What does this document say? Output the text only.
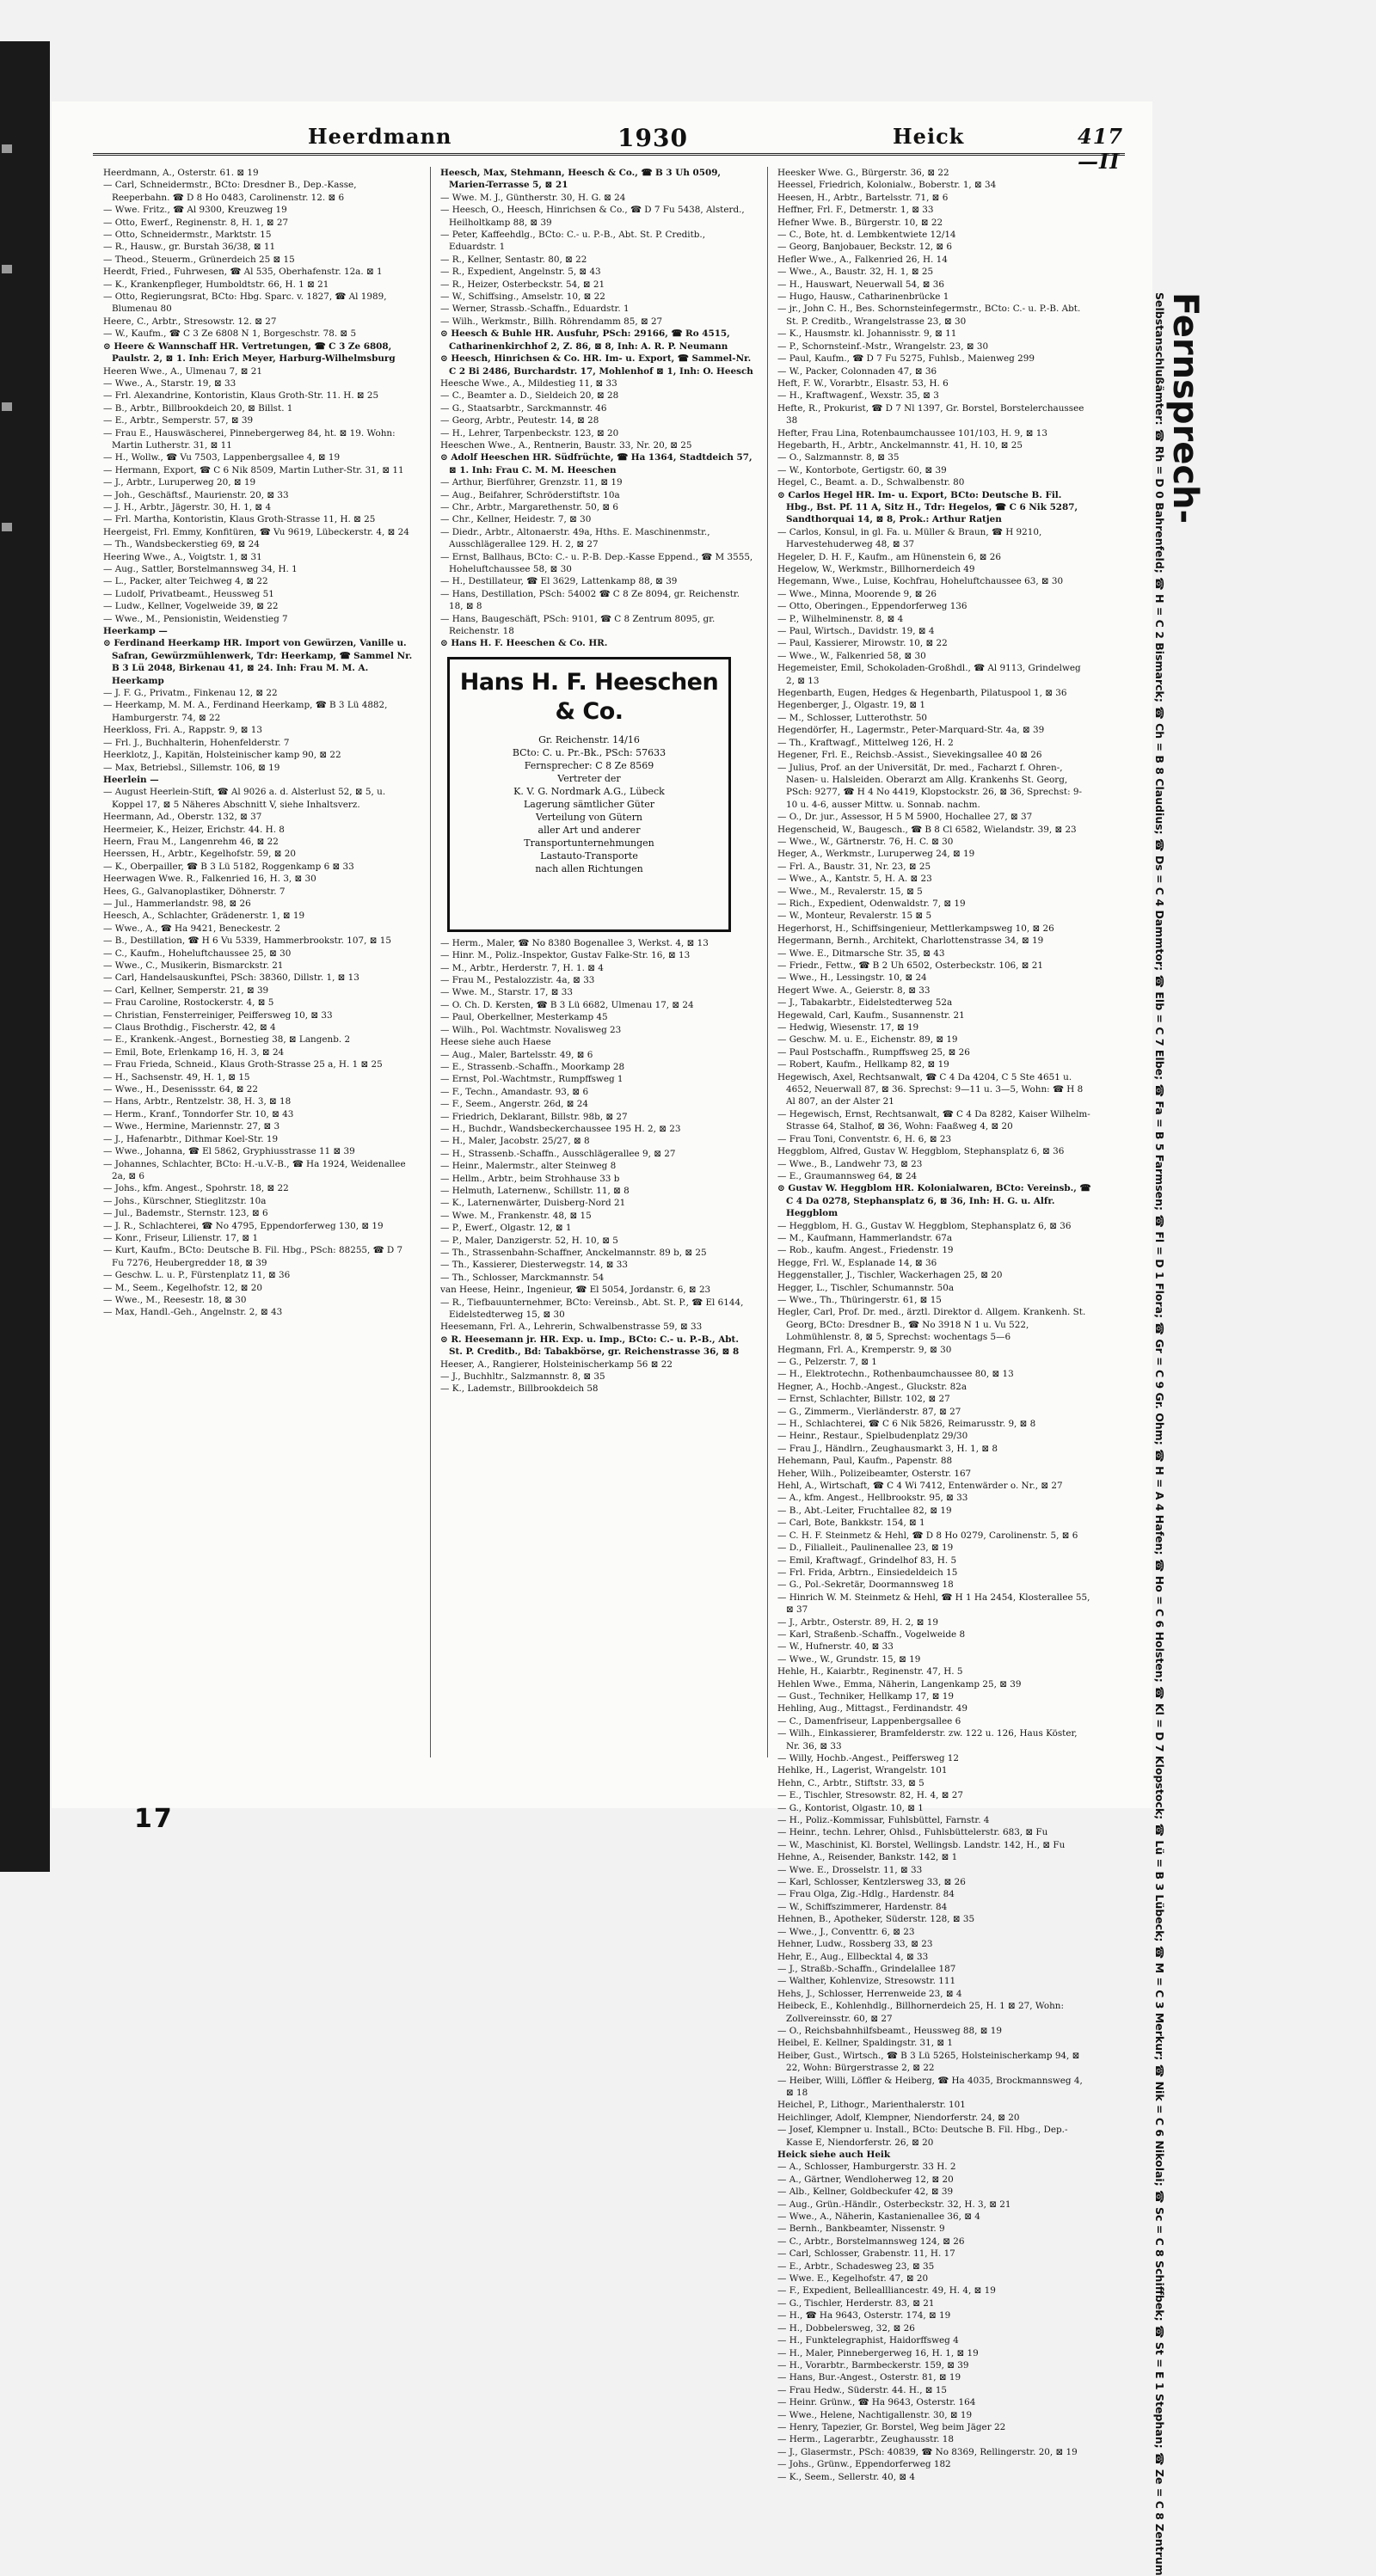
Heerdmann	1930	Heick	417—II

Heerdmann, A., Osterstr. 61. ⊠ 19

— Carl, Schneidermstr., BCto: Dresdner B., Dep.-Kasse, Reeperbahn. ☎ D 8 Ho 0483, Carolinenstr. 12. ⊠ 6

— Wwe. Fritz., ☎ Al 9300, Kreuzweg 19

— Otto, Ewerf., Reginenstr. 8, H. 1, ⊠ 27

— Otto, Schneidermstr., Marktstr. 15

— R., Hausw., gr. Burstah 36/38, ⊠ 11

— Theod., Steuerm., Grünerdeich 25 ⊠ 15

Heerdt, Fried., Fuhrwesen, ☎ Al 535, Oberhafenstr. 12a. ⊠ 1

— K., Krankenpfleger, Humboldtstr. 66, H. 1 ⊠ 21

— Otto, Regierungsrat, BCto: Hbg. Sparc. v. 1827, ☎ Al 1989, Blumenau 80

Heere, C., Arbtr., Stresowstr. 12. ⊠ 27

— W., Kaufm., ☎ C 3 Ze 6808 N 1, Borgeschstr. 78. ⊠ 5

⊙ Heere & Wannschaff HR. Vertretungen, ☎ C 3 Ze 6808, Paulstr. 2, ⊠ 1. Inh: Erich Meyer, Harburg-Wilhelmsburg

Heeren Wwe., A., Ulmenau 7, ⊠ 21

— Wwe., A., Starstr. 19, ⊠ 33

— Frl. Alexandrine, Kontoristin, Klaus Groth-Str. 11. H. ⊠ 25

— B., Arbtr., Billbrookdeich 20, ⊠ Billst. 1

— E., Arbtr., Semperstr. 57, ⊠ 39

— Frau E., Hauswäscherei, Pinnebergerweg 84, ht. ⊠ 19. Wohn: Martin Lutherstr. 31, ⊠ 11

— H., Wollw., ☎ Vu 7503, Lappenbergsallee 4, ⊠ 19

— Hermann, Export, ☎ C 6 Nik 8509, Martin Luther-Str. 31, ⊠ 11

— J., Arbtr., Luruperweg 20, ⊠ 19

— Joh., Geschäftsf., Maurienstr. 20, ⊠ 33

— J. H., Arbtr., Jägerstr. 30, H. 1, ⊠ 4

— Frl. Martha, Kontoristin, Klaus Groth-Strasse 11, H. ⊠ 25

Heergeist, Frl. Emmy, Konfitüren, ☎ Vu 9619, Lübeckerstr. 4, ⊠ 24

— Th., Wandsbeckerstieg 69, ⊠ 24

Heering Wwe., A., Voigtstr. 1, ⊠ 31

— Aug., Sattler, Borstelmannsweg 34, H. 1

— L., Packer, alter Teichweg 4, ⊠ 22

— Ludolf, Privatbeamt., Heussweg 51

— Ludw., Kellner, Vogelweide 39, ⊠ 22

— Wwe., M., Pensionistin, Weidenstieg 7

Heerkamp —

⊙ Ferdinand Heerkamp HR. Import von Gewürzen, Vanille u. Safran, Gewürzmühlenwerk, Tdr: Heerkamp, ☎ Sammel Nr. B 3 Lü 2048, Birkenau 41, ⊠ 24. Inh: Frau M. M. A. Heerkamp

— J. F. G., Privatm., Finkenau 12, ⊠ 22

— Heerkamp, M. M. A., Ferdinand Heerkamp, ☎ B 3 Lü 4882, Hamburgerstr. 74, ⊠ 22

Heerkloss, Fri. A., Rappstr. 9, ⊠ 13

— Frl. J., Buchhalterin, Hohenfelderstr. 7

Heerklotz, J., Kapitän, Holsteinischer kamp 90, ⊠ 22

— Max, Betriebsl., Sillemstr. 106, ⊠ 19

Heerlein —

— August Heerlein-Stift, ☎ Al 9026 a. d. Alsterlust 52, ⊠ 5, u. Koppel 17, ⊠ 5 Näheres Abschnitt V, siehe Inhaltsverz.

Heermann, Ad., Oberstr. 132, ⊠ 37

Heermeier, K., Heizer, Erichstr. 44. H. 8

Heern, Frau M., Langenrehm 46, ⊠ 22

Heerssen, H., Arbtr., Kegelhofstr. 59, ⊠ 20

— K., Oberpailler, ☎ B 3 Lü 5182, Roggenkamp 6 ⊠ 33

Heerwagen Wwe. R., Falkenried 16, H. 3, ⊠ 30

Hees, G., Galvanoplastiker, Döhnerstr. 7

— Jul., Hammerlandstr. 98, ⊠ 26

Heesch, A., Schlachter, Grädenerstr. 1, ⊠ 19

— Wwe., A., ☎ Ha 9421, Beneckestr. 2

— B., Destillation, ☎ H 6 Vu 5339, Hammerbrookstr. 107, ⊠ 15

— C., Kaufm., Hoheluftchaussee 25, ⊠ 30

— Wwe., C., Musikerin, Bismarckstr. 21

— Carl, Handelsauskunftei, PSch: 38360, Dillstr. 1, ⊠ 13

— Carl, Kellner, Semperstr. 21, ⊠ 39

— Frau Caroline, Rostockerstr. 4, ⊠ 5

— Christian, Fensterreiniger, Peiffersweg 10, ⊠ 33

— Claus Brothdig., Fischerstr. 42, ⊠ 4

— E., Krankenk.-Angest., Bornestieg 38, ⊠ Langenb. 2

— Emil, Bote, Erlenkamp 16, H. 3, ⊠ 24

— Frau Frieda, Schneid., Klaus Groth-Strasse 25 a, H. 1 ⊠ 25

— H., Sachsenstr. 49, H. 1, ⊠ 15

— Wwe., H., Desenissstr. 64, ⊠ 22

— Hans, Arbtr., Rentzelstr. 38, H. 3, ⊠ 18

— Herm., Kranf., Tonndorfer Str. 10, ⊠ 43

— Wwe., Hermine, Mariennstr. 27, ⊠ 3

— J., Hafenarbtr., Dithmar Koel-Str. 19

— Wwe., Johanna, ☎ El 5862, Gryphiusstrasse 11 ⊠ 39

— Johannes, Schlachter, BCto: H.-u.V.-B., ☎ Ha 1924, Weidenallee 2a, ⊠ 6

— Johs., kfm. Angest., Spohrstr. 18, ⊠ 22

— Johs., Kürschner, Stieglitzstr. 10a

— Jul., Bademstr., Sternstr. 123, ⊠ 6

— J. R., Schlachterei, ☎ No 4795, Eppendorferweg 130, ⊠ 19

— Konr., Friseur, Lilienstr. 17, ⊠ 1

— Kurt, Kaufm., BCto: Deutsche B. Fil. Hbg., PSch: 88255, ☎ D 7 Fu 7276, Heubergredder 18, ⊠ 39

— Geschw. L. u. P., Fürstenplatz 11, ⊠ 36

— M., Seem., Kegelhofstr. 12, ⊠ 20

— Wwe., M., Reesestr. 18, ⊠ 30

— Max, Handl.-Geh., Angelnstr. 2, ⊠ 43

Heesch, Max, Stehmann, Heesch & Co., ☎ B 3 Uh 0509, Marien-Terrasse 5, ⊠ 21

— Wwe. M. J., Güntherstr. 30, H. G. ⊠ 24

— Heesch, O., Heesch, Hinrichsen & Co., ☎ D 7 Fu 5438, Alsterd., Heilholtkamp 88, ⊠ 39

— Peter, Kaffeehdlg., BCto: C.- u. P.-B., Abt. St. P. Creditb., Eduardstr. 1

— R., Kellner, Sentastr. 80, ⊠ 22

— R., Expedient, Angelnstr. 5, ⊠ 43

— R., Heizer, Osterbeckstr. 54, ⊠ 21

— W., Schiffsing., Amselstr. 10, ⊠ 22

— Werner, Strassb.-Schaffn., Eduardstr. 1

— Wilh., Werkmstr., Billh. Röhrendamm 85, ⊠ 27

⊙ Heesch & Buhle HR. Ausfuhr, PSch: 29166, ☎ Ro 4515, Catharinenkirchhof 2, Z. 86, ⊠ 8, Inh: A. R. P. Neumann

⊙ Heesch, Hinrichsen & Co. HR. Im- u. Export, ☎ Sammel-Nr. C 2 Bi 2486, Burchardstr. 17, Mohlenhof ⊠ 1, Inh: O. Heesch

Heesche Wwe., A., Mildestieg 11, ⊠ 33

— C., Beamter a. D., Sieldeich 20, ⊠ 28

— G., Staatsarbtr., Sarckmannstr. 46

— Georg, Arbtr., Peutestr. 14, ⊠ 28

— H., Lehrer, Tarpenbeckstr. 123, ⊠ 20

Heeschen Wwe., A., Rentnerin, Baustr. 33, Nr. 20, ⊠ 25

⊙ Adolf Heeschen HR. Südfrüchte, ☎ Ha 1364, Stadtdeich 57, ⊠ 1. Inh: Frau C. M. M. Heeschen

— Arthur, Bierführer, Grenzstr. 11, ⊠ 19

— Aug., Beifahrer, Schröderstiftstr. 10a

— Chr., Arbtr., Margarethenstr. 50, ⊠ 6

— Chr., Kellner, Heidestr. 7, ⊠ 30

— Diedr., Arbtr., Altonaerstr. 49a, Hths. E. Maschinenmstr., Ausschlägerallee 129. H. 2, ⊠ 27

— Ernst, Ballhaus, BCto: C.- u. P.-B. Dep.-Kasse Eppend., ☎ M 3555, Hoheluftchaussee 58, ⊠ 30

— H., Destillateur, ☎ El 3629, Lattenkamp 88, ⊠ 39

— Hans, Destillation, PSch: 54002 ☎ C 8 Ze 8094, gr. Reichenstr. 18, ⊠ 8

— Hans, Baugeschäft, PSch: 9101, ☎ C 8 Zentrum 8095, gr. Reichenstr. 18

⊙ Hans H. F. Heeschen & Co. HR.

Hans H. F. Heeschen
& Co.
Gr. Reichenstr. 14/16
BCto: C. u. Pr.-Bk., PSch: 57633
Fernsprecher: C 8 Ze 8569
Vertreter der
K. V. G. Nordmark A.G., Lübeck
Lagerung sämtlicher Güter
Verteilung von Gütern
aller Art und anderer
Transportunternehmungen
Lastauto-Transporte
nach allen Richtungen

— Herm., Maler, ☎ No 8380 Bogenallee 3, Werkst. 4, ⊠ 13

— Hinr. M., Poliz.-Inspektor, Gustav Falke-Str. 16, ⊠ 13

— M., Arbtr., Herderstr. 7, H. 1. ⊠ 4

— Frau M., Pestalozzistr. 4a, ⊠ 33

— Wwe. M., Starstr. 17, ⊠ 33

— O. Ch. D. Kersten, ☎ B 3 Lü 6682, Ulmenau 17, ⊠ 24

— Paul, Oberkellner, Mesterkamp 45

— Wilh., Pol. Wachtmstr. Novalisweg 23

Heese siehe auch Haese

— Aug., Maler, Bartelsstr. 49, ⊠ 6

— E., Strassenb.-Schaffn., Moorkamp 28

— Ernst, Pol.-Wachtmstr., Rumpffsweg 1

— F., Techn., Amandastr. 93, ⊠ 6

— F., Seem., Angerstr. 26d, ⊠ 24

— Friedrich, Deklarant, Billstr. 98b, ⊠ 27

— H., Buchdr., Wandsbeckerchaussee 195 H. 2, ⊠ 23

— H., Maler, Jacobstr. 25/27, ⊠ 8

— H., Strassenb.-Schaffn., Ausschlägerallee 9, ⊠ 27

— Heinr., Malermstr., alter Steinweg 8

— Hellm., Arbtr., beim Strohhause 33 b

— Helmuth, Laternenw., Schillstr. 11, ⊠ 8

— K., Laternenwärter, Duisberg-Nord 21

— Wwe. M., Frankenstr. 48, ⊠ 15

— P., Ewerf., Olgastr. 12, ⊠ 1

— P., Maler, Danzigerstr. 52, H. 10, ⊠ 5

— Th., Strassenbahn-Schaffner, Anckelmannstr. 89 b, ⊠ 25

— Th., Kassierer, Diesterwegstr. 14, ⊠ 33

— Th., Schlosser, Marckmannstr. 54

van Heese, Heinr., Ingenieur, ☎ El 5054, Jordanstr. 6, ⊠ 23

— R., Tiefbauunternehmer, BCto: Vereinsb., Abt. St. P., ☎ El 6144, Eidelstedterweg 15, ⊠ 30

Heesemann, Frl. A., Lehrerin, Schwalbenstrasse 59, ⊠ 33

⊙ R. Heesemann jr. HR. Exp. u. Imp., BCto: C.- u. P.-B., Abt. St. P. Creditb., Bd: Tabakbörse, gr. Reichenstrasse 36, ⊠ 8

Heeser, A., Rangierer, Holsteinischerkamp 56 ⊠ 22

— J., Buchhltr., Salzmannstr. 8, ⊠ 35

— K., Lademstr., Billbrookdeich 58

Heesker Wwe. G., Bürgerstr. 36, ⊠ 22

Heessel, Friedrich, Kolonialw., Boberstr. 1, ⊠ 34

Heesen, H., Arbtr., Bartelsstr. 71, ⊠ 6

Heffner, Frl. F., Detmerstr. 1, ⊠ 33

Hefner Wwe. B., Bürgerstr. 10, ⊠ 22

— C., Bote, ht. d. Lembkentwiete 12/14

— Georg, Banjobauer, Beckstr. 12, ⊠ 6

Hefler Wwe., A., Falkenried 26, H. 14

— Wwe., A., Baustr. 32, H. 1, ⊠ 25

— H., Hauswart, Neuerwall 54, ⊠ 36

— Hugo, Hausw., Catharinenbrücke 1

— jr., John C. H., Bes. Schornsteinfegermstr., BCto: C.- u. P.-B. Abt. St. P. Creditb., Wrangelstrasse 23, ⊠ 30

— K., Hausmstr. kl. Johannisstr. 9, ⊠ 11

— P., Schornsteinf.-Mstr., Wrangelstr. 23, ⊠ 30

— Paul, Kaufm., ☎ D 7 Fu 5275, Fuhlsb., Maienweg 299

— W., Packer, Colonnaden 47, ⊠ 36

Heft, F. W., Vorarbtr., Elsastr. 53, H. 6

— H., Kraftwagenf., Wexstr. 35, ⊠ 3

Hefte, R., Prokurist, ☎ D 7 Nl 1397, Gr. Borstel, Borstelerchaussee 38

Hefter, Frau Lina, Rotenbaumchaussee 101/103, H. 9, ⊠ 13

Hegebarth, H., Arbtr., Anckelmannstr. 41, H. 10, ⊠ 25

— O., Salzmannstr. 8, ⊠ 35

— W., Kontorbote, Gertigstr. 60, ⊠ 39

Hegel, C., Beamt. a. D., Schwalbenstr. 80

⊙ Carlos Hegel HR. Im- u. Export, BCto: Deutsche B. Fil. Hbg., Bst. Pf. 11 A, Sitz H., Tdr: Hegelos, ☎ C 6 Nik 5287, Sandthorquai 14, ⊠ 8, Prok.: Arthur Ratjen

— Carlos, Konsul, in gl. Fa. u. Müller & Braun, ☎ H 9210, Harvestehuderweg 48, ⊠ 37

Hegeler, D. H. F., Kaufm., am Hünenstein 6, ⊠ 26

Hegelow, W., Werkmstr., Billhornerdeich 49

Hegemann, Wwe., Luise, Kochfrau, Hoheluftchaussee 63, ⊠ 30

— Wwe., Minna, Moorende 9, ⊠ 26

— Otto, Oberingen., Eppendorferweg 136

— P., Wilhelminenstr. 8, ⊠ 4

— Paul, Wirtsch., Davidstr. 19, ⊠ 4

— Paul, Kassierer, Mirowstr. 10, ⊠ 22

— Wwe., W., Falkenried 58, ⊠ 30

Hegemeister, Emil, Schokoladen-Großhdl., ☎ Al 9113, Grindelweg 2, ⊠ 13

Hegenbarth, Eugen, Hedges & Hegenbarth, Pilatuspool 1, ⊠ 36

Hegenberger, J., Olgastr. 19, ⊠ 1

— M., Schlosser, Lutterothstr. 50

Hegendörfer, H., Lagermstr., Peter-Marquard-Str. 4a, ⊠ 39

— Th., Kraftwagf., Mittelweg 126, H. 2

Hegener, Frl. E., Reichsb.-Assist., Sievekingsallee 40 ⊠ 26

— Julius, Prof. an der Universität, Dr. med., Facharzt f. Ohren-, Nasen- u. Halsleiden. Oberarzt am Allg. Krankenhs St. Georg, PSch: 9277, ☎ H 4 No 4419, Klopstockstr. 26, ⊠ 36, Sprechst: 9-10 u. 4-6, ausser Mittw. u. Sonnab. nachm.

— O., Dr. jur., Assessor, H 5 M 5900, Hochallee 27, ⊠ 37

Hegenscheid, W., Baugesch., ☎ B 8 Cl 6582, Wielandstr. 39, ⊠ 23

— Wwe., W., Gärtnerstr. 76, H. C. ⊠ 30

Heger, A., Werkmstr., Luruperweg 24, ⊠ 19

— Frl. A., Baustr. 31, Nr. 23, ⊠ 25

— Wwe., A., Kantstr. 5, H. A. ⊠ 23

— Wwe., M., Revalerstr. 15, ⊠ 5

— Rich., Expedient, Odenwaldstr. 7, ⊠ 19

— W., Monteur, Revalerstr. 15 ⊠ 5

Hegerhorst, H., Schiffsingenieur, Mettlerkampsweg 10, ⊠ 26

Hegermann, Bernh., Architekt, Charlottenstrasse 34, ⊠ 19

— Wwe. E., Ditmarsche Str. 35, ⊠ 43

— Friedr., Fettw., ☎ B 2 Uh 6502, Osterbeckstr. 106, ⊠ 21

— Wwe., H., Lessingstr. 10, ⊠ 24

Hegert Wwe. A., Geierstr. 8, ⊠ 33

— J., Tabakarbtr., Eidelstedterweg 52a

Hegewald, Carl, Kaufm., Susannenstr. 21

— Hedwig, Wiesenstr. 17, ⊠ 19

— Geschw. M. u. E., Eichenstr. 89, ⊠ 19

— Paul Postschaffn., Rumpffsweg 25, ⊠ 26

— Robert, Kaufm., Hellkamp 82, ⊠ 19

Hegewisch, Axel, Rechtsanwalt, ☎ C 4 Da 4204, C 5 Ste 4651 u. 4652, Neuerwall 87, ⊠ 36. Sprechst: 9—11 u. 3—5, Wohn: ☎ H 8 Al 807, an der Alster 21

— Hegewisch, Ernst, Rechtsanwalt, ☎ C 4 Da 8282, Kaiser Wilhelm-Strasse 64, Stalhof, ⊠ 36, Wohn: Faaßweg 4, ⊠ 20

— Frau Toni, Conventstr. 6, H. 6, ⊠ 23

Heggblom, Alfred, Gustav W. Heggblom, Stephansplatz 6, ⊠ 36

— Wwe., B., Landwehr 73, ⊠ 23

— E., Graumannsweg 64, ⊠ 24

⊙ Gustav W. Heggblom HR. Kolonialwaren, BCto: Vereinsb., ☎ C 4 Da 0278, Stephansplatz 6, ⊠ 36, Inh: H. G. u. Alfr. Heggblom

— Heggblom, H. G., Gustav W. Heggblom, Stephansplatz 6, ⊠ 36

— M., Kaufmann, Hammerlandstr. 67a

— Rob., kaufm. Angest., Friedenstr. 19

Hegge, Frl. W., Esplanade 14, ⊠ 36

Heggenstaller, J., Tischler, Wackerhagen 25, ⊠ 20

Hegger, L., Tischler, Schumannstr. 50a

— Wwe., Th., Thüringerstr. 61, ⊠ 15

Hegler, Carl, Prof. Dr. med., ärztl. Direktor d. Allgem. Krankenh. St. Georg, BCto: Dresdner B., ☎ No 3918 N 1 u. Vu 522, Lohmühlenstr. 8, ⊠ 5, Sprechst: wochentags 5—6

Hegmann, Frl. A., Kremperstr. 9, ⊠ 30

— G., Pelzerstr. 7, ⊠ 1

— H., Elektrotechn., Rothenbaumchaussee 80, ⊠ 13

Hegner, A., Hochb.-Angest., Gluckstr. 82a

— Ernst, Schlachter, Billstr. 102, ⊠ 27

— G., Zimmerm., Vierländerstr. 87, ⊠ 27

— H., Schlachterei, ☎ C 6 Nik 5826, Reimarusstr. 9, ⊠ 8

— Heinr., Restaur., Spielbudenplatz 29/30

— Frau J., Händlrn., Zeughausmarkt 3, H. 1, ⊠ 8

Hehemann, Paul, Kaufm., Papenstr. 88

Heher, Wilh., Polizeibeamter, Osterstr. 167

Hehl, A., Wirtschaft, ☎ C 4 Wi 7412, Entenwärder o. Nr., ⊠ 27

— A., kfm. Angest., Hellbrookstr. 95, ⊠ 33

— B., Abt.-Leiter, Fruchtallee 82, ⊠ 19

— Carl, Bote, Bankkstr. 154, ⊠ 1

— C. H. F. Steinmetz & Hehl, ☎ D 8 Ho 0279, Carolinenstr. 5, ⊠ 6

— D., Filialleit., Paulinenallee 23, ⊠ 19

— Emil, Kraftwagf., Grindelhof 83, H. 5

— Frl. Frida, Arbtrn., Einsiedeldeich 15

— G., Pol.-Sekretär, Doormannsweg 18

— Hinrich W. M. Steinmetz & Hehl, ☎ H 1 Ha 2454, Klosterallee 55, ⊠ 37

— J., Arbtr., Osterstr. 89, H. 2, ⊠ 19

— Karl, Straßenb.-Schaffn., Vogelweide 8

— W., Hufnerstr. 40, ⊠ 33

— Wwe., W., Grundstr. 15, ⊠ 19

Hehle, H., Kaiarbtr., Reginenstr. 47, H. 5

Hehlen Wwe., Emma, Näherin, Langenkamp 25, ⊠ 39

— Gust., Techniker, Hellkamp 17, ⊠ 19

Hehling, Aug., Mittagst., Ferdinandstr. 49

— C., Damenfriseur, Lappenbergsallee 6

— Wilh., Einkassierer, Bramfelderstr. zw. 122 u. 126, Haus Köster, Nr. 36, ⊠ 33

— Willy, Hochb.-Angest., Peiffersweg 12

Hehlke, H., Lagerist, Wrangelstr. 101

Hehn, C., Arbtr., Stiftstr. 33, ⊠ 5

— E., Tischler, Stresowstr. 82, H. 4, ⊠ 27

— G., Kontorist, Olgastr. 10, ⊠ 1

— H., Poliz.-Kommissar, Fuhlsbüttel, Farnstr. 4

— Heinr., techn. Lehrer, Ohlsd., Fuhlsbüttelerstr. 683, ⊠ Fu

— W., Maschinist, Kl. Borstel, Wellingsb. Landstr. 142, H., ⊠ Fu

Hehne, A., Reisender, Bankstr. 142, ⊠ 1

— Wwe. E., Drosselstr. 11, ⊠ 33

— Karl, Schlosser, Kentzlersweg 33, ⊠ 26

— Frau Olga, Zig.-Hdlg., Hardenstr. 84

— W., Schiffszimmerer, Hardenstr. 84

Hehnen, B., Apotheker, Süderstr. 128, ⊠ 35

— Wwe., J., Conventtr. 6, ⊠ 23

Hehner, Ludw., Rossberg 33, ⊠ 23

Hehr, E., Aug., Ellbecktal 4, ⊠ 33

— J., Straßb.-Schaffn., Grindelallee 187

— Walther, Kohlenvize, Stresowstr. 111

Hehs, J., Schlosser, Herrenweide 23, ⊠ 4

Heibeck, E., Kohlenhdlg., Billhornerdeich 25, H. 1 ⊠ 27, Wohn: Zollvereinsstr. 60, ⊠ 27

— O., Reichsbahnhilfsbeamt., Heussweg 88, ⊠ 19

Heibel, E. Kellner, Spaldingstr. 31, ⊠ 1

Heiber, Gust., Wirtsch., ☎ B 3 Lü 5265, Holsteinischerkamp 94, ⊠ 22, Wohn: Bürgerstrasse 2, ⊠ 22

— Heiber, Willi, Löffler & Heiberg, ☎ Ha 4035, Brockmannsweg 4, ⊠ 18

Heichel, P., Lithogr., Marienthalerstr. 101

Heichlinger, Adolf, Klempner, Niendorferstr. 24, ⊠ 20

— Josef, Klempner u. Install., BCto: Deutsche B. Fil. Hbg., Dep.-Kasse E, Niendorferstr. 26, ⊠ 20

Heick siehe auch Heik

— A., Schlosser, Hamburgerstr. 33 H. 2

— A., Gärtner, Wendloherweg 12, ⊠ 20

— Alb., Kellner, Goldbeckufer 42, ⊠ 39

— Aug., Grün.-Händlr., Osterbeckstr. 32, H. 3, ⊠ 21

— Wwe., A., Näherin, Kastanienallee 36, ⊠ 4

— Bernh., Bankbeamter, Nissenstr. 9

— C., Arbtr., Borstelmannsweg 124, ⊠ 26

— Carl, Schlosser, Grabenstr. 11, H. 17

— E., Arbtr., Schadesweg 23, ⊠ 35

— Wwe. E., Kegelhofstr. 47, ⊠ 20

— F., Expedient, Belleallliancestr. 49, H. 4, ⊠ 19

— G., Tischler, Herderstr. 83, ⊠ 21

— H., ☎ Ha 9643, Osterstr. 174, ⊠ 19

— H., Dobbelersweg, 32, ⊠ 26

— H., Funktelegraphist, Haidorffsweg 4

— H., Maler, Pinnebergerweg 16, H. 1, ⊠ 19

— H., Vorarbtr., Barmbeckerstr. 159, ⊠ 39

— Hans, Bur.-Angest., Osterstr. 81, ⊠ 19

— Frau Hedw., Süderstr. 44. H., ⊠ 15

— Heinr. Grünw., ☎ Ha 9643, Osterstr. 164

— Wwe., Helene, Nachtigallenstr. 30, ⊠ 19

— Henry, Tapezier, Gr. Borstel, Weg beim Jäger 22

— Herm., Lagerarbtr., Zeughausstr. 18

— J., Glasermstr., PSch: 40839, ☎ No 8369, Rellingerstr. 20, ⊠ 19

— Johs., Grünw., Eppendorferweg 182

— K., Seem., Sellerstr. 40, ⊠ 4

17
Fernsprech-
Selbstanschlußämter: ☎ Rh = D 0 Bahrenfeld; ☎ H = C 2 Bismarck; ☎ Ch = B 8 Claudius; ☎ Ds = C 4 Dammtor; ☎ Elb = C 7 Elbe; ☎ Fa = B 5 Farmsen; ☎ Fl = D 1 Flora; ☎ Gr = C 9 Gr. Ohm; ☎ H = A 4 Hafen; ☎ Ho = C 6 Holsten; ☎ Kl = D 7 Klopstock; ☎ Lü = B 3 Lübeck; ☎ M = C 3 Merkur; ☎ Nik = C 6 Nikolai; ☎ Sc = C 8 Schiffbek; ☎ St = E 1 Stephan; ☎ Ze = C 8 Zentrum
